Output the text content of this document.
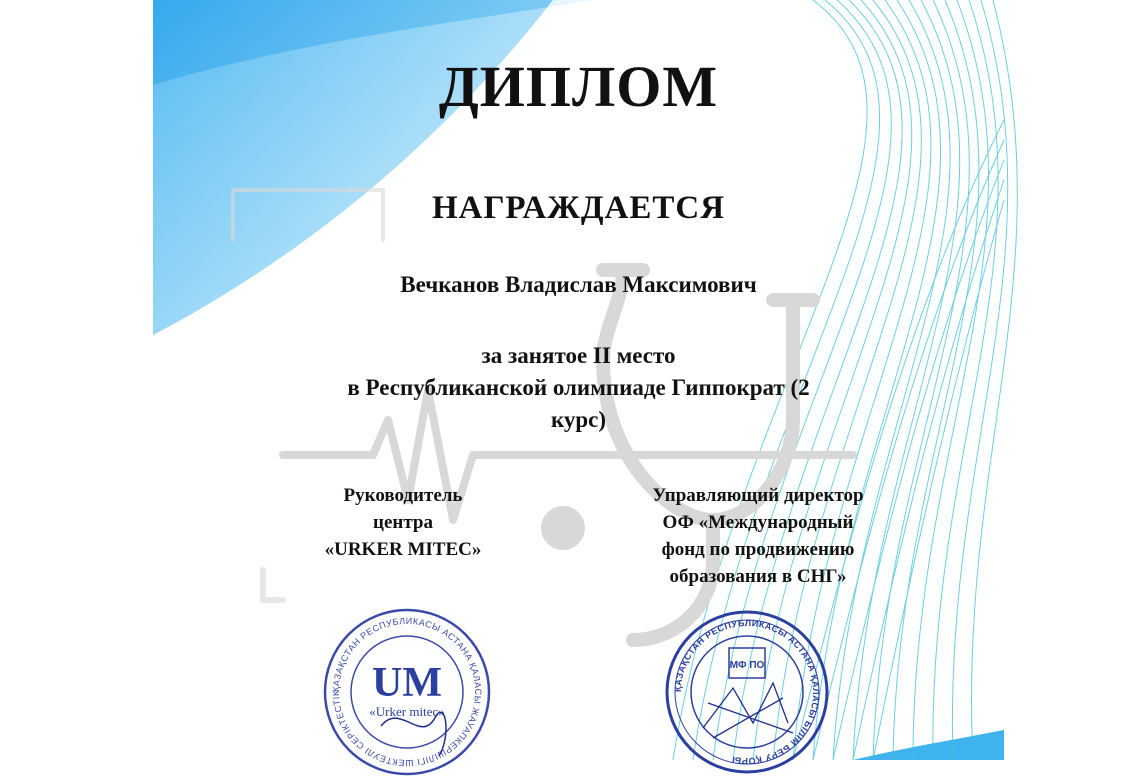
ДИПЛОМ
НАГРАЖДАЕТСЯ
Вечканов Владислав Максимович
за занятое II место
в Республиканской олимпиаде Гиппократ (2
курс)
Руководитель
центра
«URKER MITEC»
Управляющий директор
ОФ «Международный
фонд по продвижению
образования в СНГ»
ҚАЗАҚСТАН РЕСПУБЛИКАСЫ АСТАНА ҚАЛАСЫ ЖАУАПКЕРШІЛІГІ ШЕКТЕУЛІ СЕРІКТЕСТІК UM
«Urker mitec»
ҚАЗАҚСТАН РЕСПУБЛИКАСЫ АСТАНА ҚАЛАСЫ БІЛІМ БЕРУ ҚОРЫ
МФ ПО
